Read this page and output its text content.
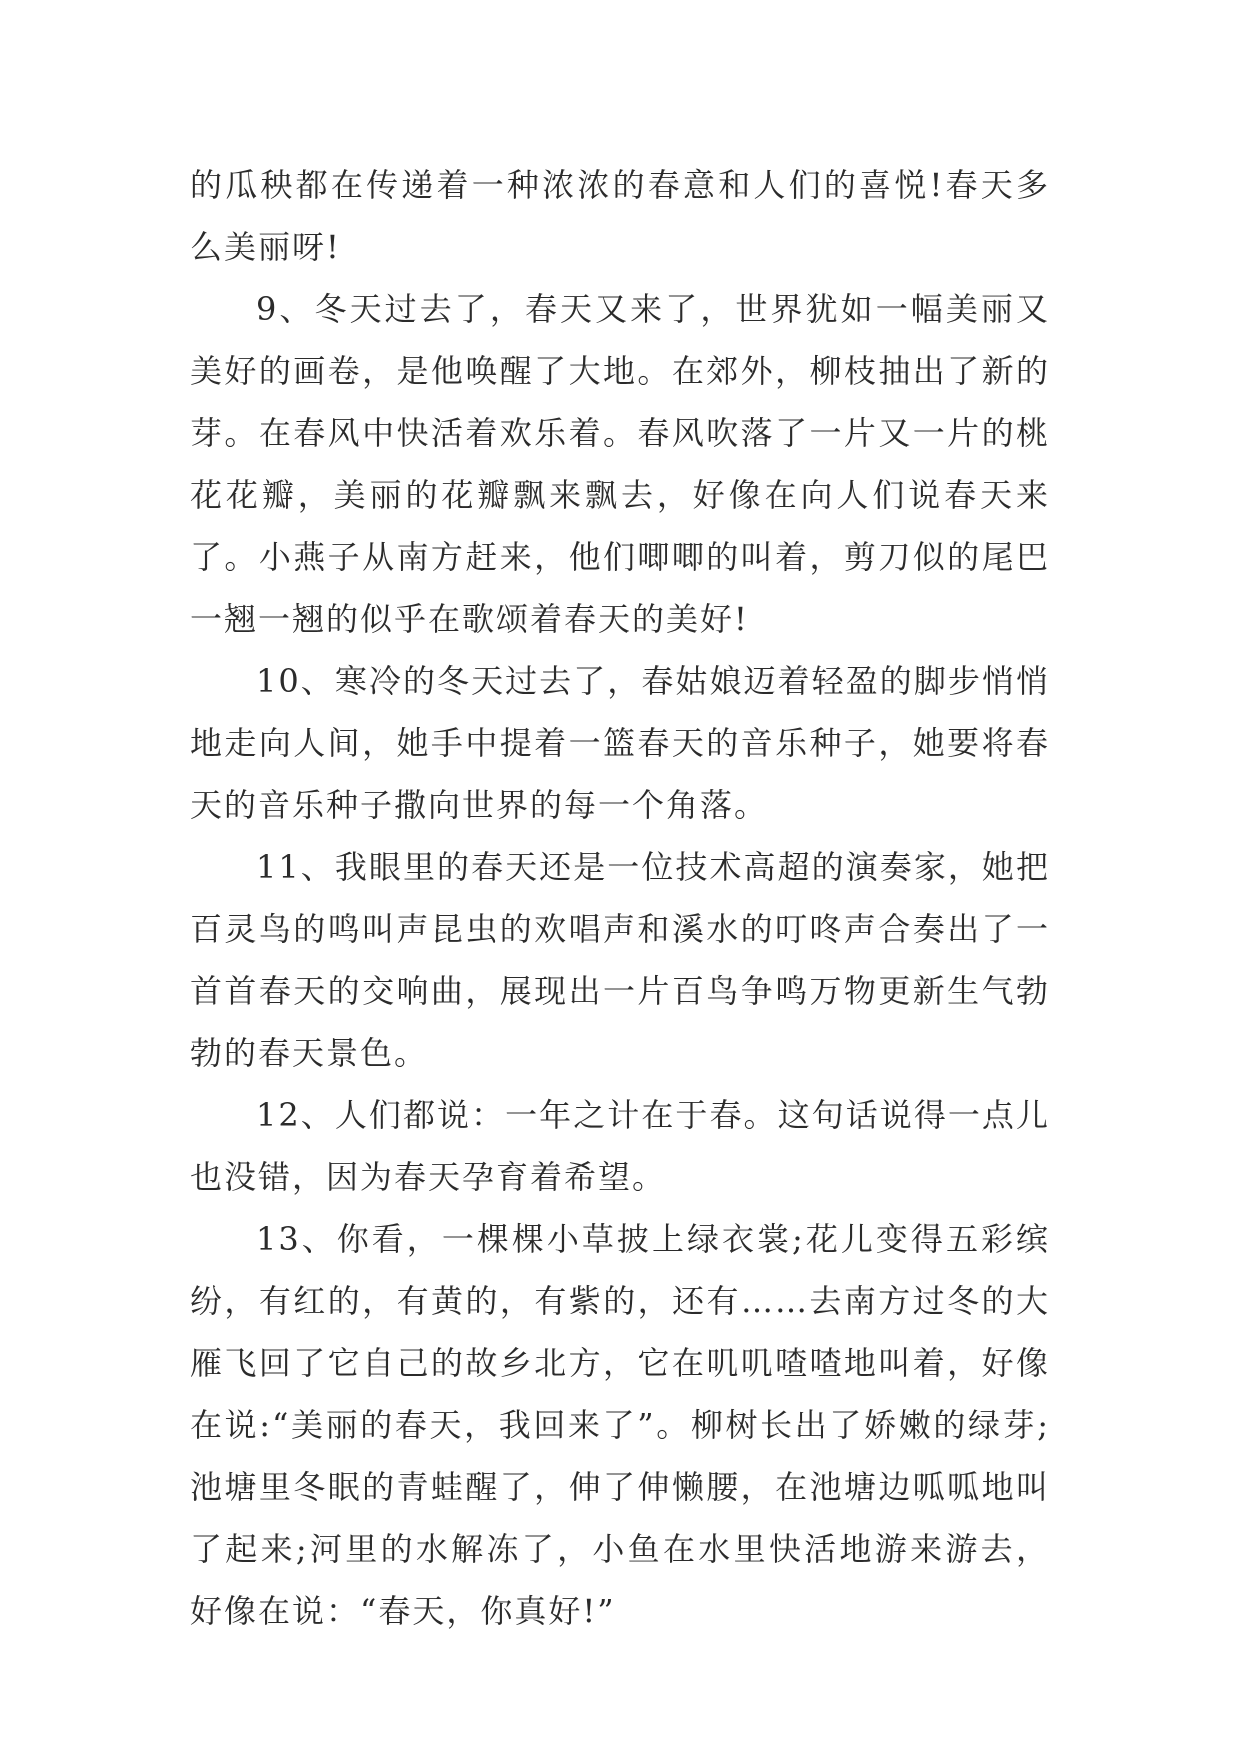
的瓜秧都在传递着一种浓浓的春意和人们的喜悦!春天多么美丽呀!

9、冬天过去了，春天又来了，世界犹如一幅美丽又美好的画卷，是他唤醒了大地。在郊外，柳枝抽出了新的芽。在春风中快活着欢乐着。春风吹落了一片又一片的桃花花瓣，美丽的花瓣飘来飘去，好像在向人们说春天来了。小燕子从南方赶来，他们唧唧的叫着，剪刀似的尾巴一翘一翘的似乎在歌颂着春天的美好!

10、寒冷的冬天过去了，春姑娘迈着轻盈的脚步悄悄地走向人间，她手中提着一篮春天的音乐种子，她要将春天的音乐种子撒向世界的每一个角落。

11、我眼里的春天还是一位技术高超的演奏家，她把百灵鸟的鸣叫声昆虫的欢唱声和溪水的叮咚声合奏出了一首首春天的交响曲，展现出一片百鸟争鸣万物更新生气勃勃的春天景色。

12、人们都说：一年之计在于春。这句话说得一点儿也没错，因为春天孕育着希望。

13、你看，一棵棵小草披上绿衣裳;花儿变得五彩缤纷，有红的，有黄的，有紫的，还有……去南方过冬的大雁飞回了它自己的故乡北方，它在叽叽喳喳地叫着，好像在说:“美丽的春天，我回来了”。柳树长出了娇嫩的绿芽;池塘里冬眠的青蛙醒了，伸了伸懒腰，在池塘边呱呱地叫了起来;河里的水解冻了，小鱼在水里快活地游来游去，好像在说：“春天，你真好!”
